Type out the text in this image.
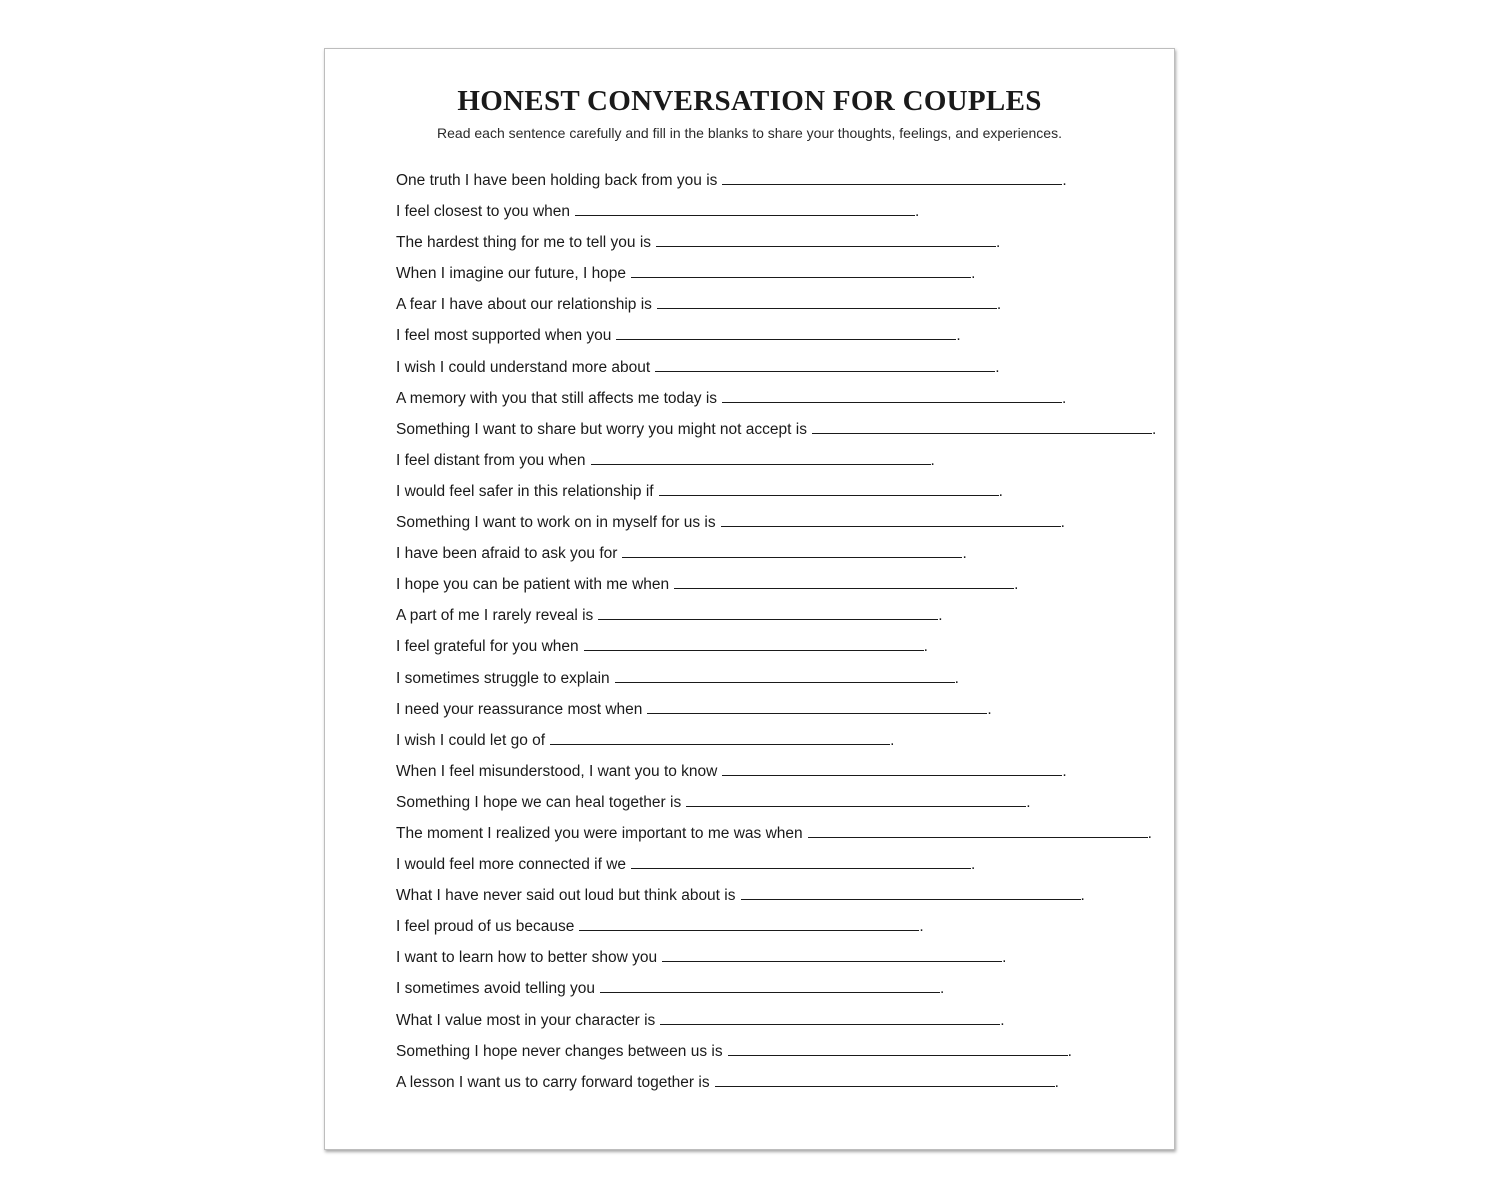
HONEST CONVERSATION FOR COUPLES

Read each sentence carefully and fill in the blanks to share your thoughts, feelings, and experiences.

One truth I have been holding back from you is	.
I feel closest to you when	.
The hardest thing for me to tell you is	.
When I imagine our future, I hope	.
A fear I have about our relationship is	.
I feel most supported when you	.
I wish I could understand more about	.
A memory with you that still affects me today is	.
Something I want to share but worry you might not accept is	.
I feel distant from you when	.
I would feel safer in this relationship if	.
Something I want to work on in myself for us is	.
I have been afraid to ask you for	.
I hope you can be patient with me when	.
A part of me I rarely reveal is	.
I feel grateful for you when	.
I sometimes struggle to explain	.
I need your reassurance most when	.
I wish I could let go of	.
When I feel misunderstood, I want you to know	.
Something I hope we can heal together is	.
The moment I realized you were important to me was when	.
I would feel more connected if we	.
What I have never said out loud but think about is	.
I feel proud of us because	.
I want to learn how to better show you	.
I sometimes avoid telling you	.
What I value most in your character is	.
Something I hope never changes between us is	.
A lesson I want us to carry forward together is	.
